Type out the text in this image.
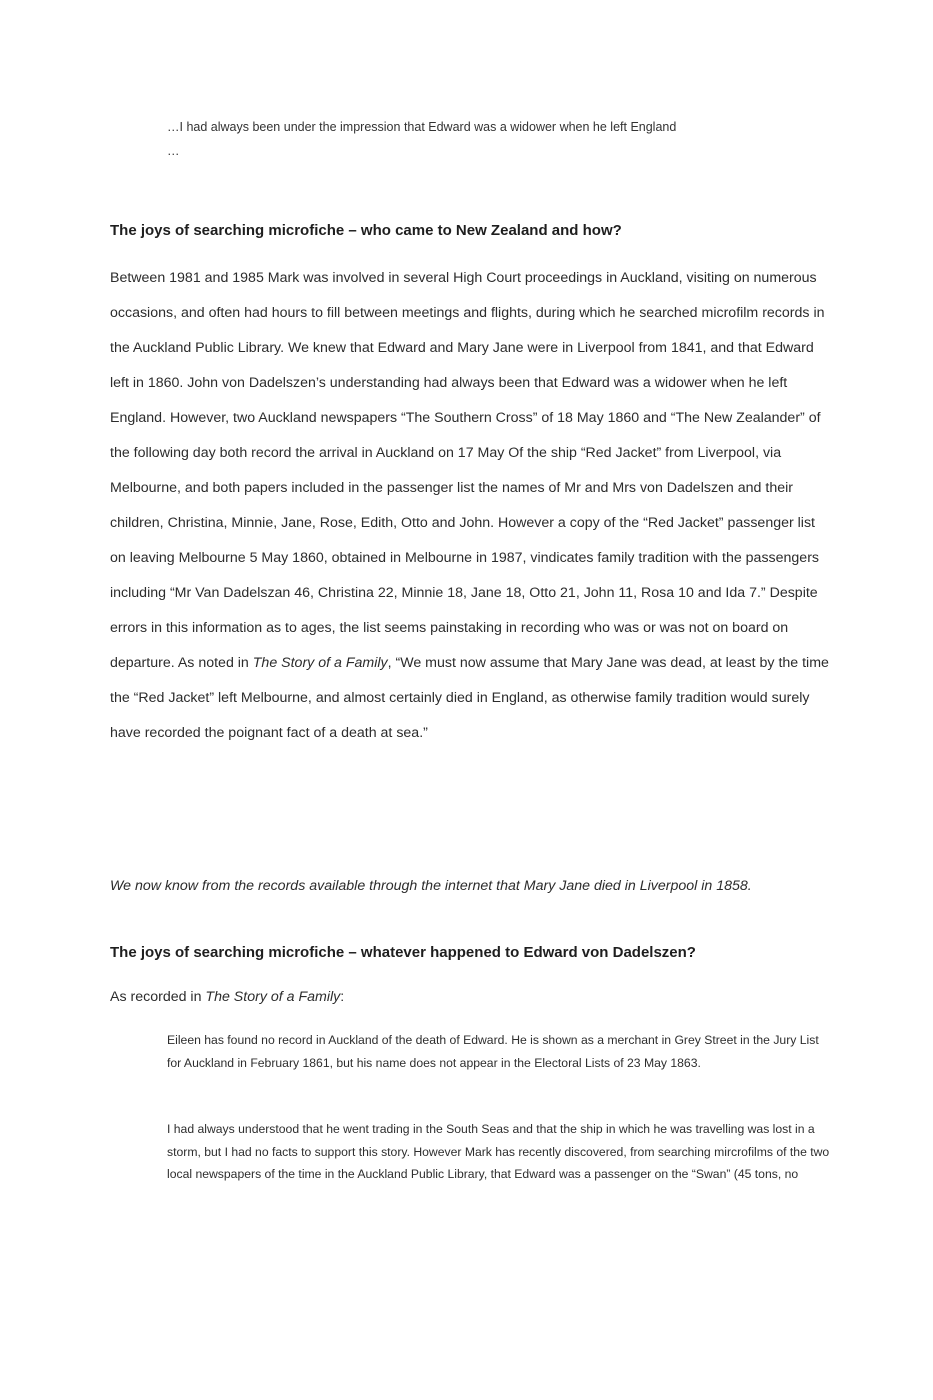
…I had always been under the impression that Edward was a widower when he left England
…
The joys of searching microfiche – who came to New Zealand and how?

Between 1981 and 1985 Mark was involved in several High Court proceedings in Auckland, visiting on numerous occasions, and often had hours to fill between meetings and flights, during which he searched microfilm records in the Auckland Public Library. We knew that Edward and Mary Jane were in Liverpool from 1841, and that Edward left in 1860. John von Dadelszen’s understanding had always been that Edward was a widower when he left England. However, two Auckland newspapers “The Southern Cross” of 18 May 1860 and “The New Zealander” of the following day both record the arrival in Auckland on 17 May Of the ship “Red Jacket” from Liverpool, via Melbourne, and both papers included in the passenger list the names of Mr and Mrs von Dadelszen and their children, Christina, Minnie, Jane, Rose, Edith, Otto and John. However a copy of the “Red Jacket” passenger list on leaving Melbourne 5 May 1860, obtained in Melbourne in 1987, vindicates family tradition with the passengers including “Mr Van Dadelszan 46, Christina 22, Minnie 18, Jane 18, Otto 21, John 11, Rosa 10 and Ida 7.” Despite errors in this information as to ages, the list seems painstaking in recording who was or was not on board on departure. As noted in The Story of a Family, “We must now assume that Mary Jane was dead, at least by the time the “Red Jacket” left Melbourne, and almost certainly died in England, as otherwise family tradition would surely have recorded the poignant fact of a death at sea.”

We now know from the records available through the internet that Mary Jane died in Liverpool in 1858.

The joys of searching microfiche – whatever happened to Edward von Dadelszen?

As recorded in The Story of a Family:

Eileen has found no record in Auckland of the death of Edward. He is shown as a merchant in Grey Street in the Jury List for Auckland in February 1861, but his name does not appear in the Electoral Lists of 23 May 1863.

I had always understood that he went trading in the South Seas and that the ship in which he was travelling was lost in a storm, but I had no facts to support this story. However Mark has recently discovered, from searching mircrofilms of the two local newspapers of the time in the Auckland Public Library, that Edward was a passenger on the “Swan” (45 tons, no
